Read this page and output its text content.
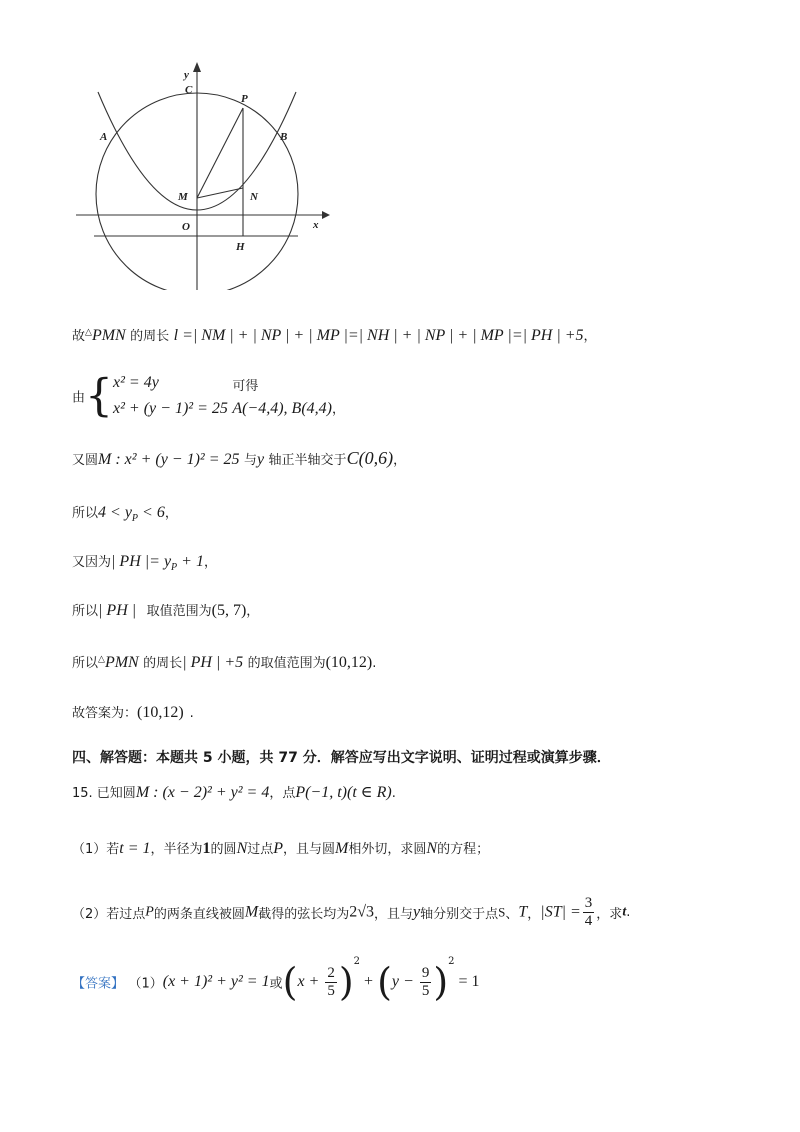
y
x
C
P
A	B
M	N
O
H
故△PMN 的周长 l =| NM | + | NP | + | MP |=| NH | + | NP | + | MP |=| PH | +5，
由{ x² = 4y
x² + (y − 1)² = 25

可得
A(−4,4), B(4,4)，
又圆M : x² + (y − 1)² = 25 与y 轴正半轴交于C(0,6)，
所以$4 < y_P < 6$，
又因为| PH |= $y_P + 1$，
所以| PH | 取值范围为(5, 7)，
所以△PMN 的周长| PH | +5 的取值范围为(10,12).
故答案为：(10,12) .
四、解答题：本题共 5 小题，共 77 分．解答应写出文字说明、证明过程或演算步骤．
15. 已知圆M : (x − 2)² + y² = 4，点P(−1, t)(t ∈ R).
（1）若t = 1，半径为1的圆N过点P，且与圆M相外切，求圆N的方程；
（2）若过点P的两条直线被圆M截得的弦长均为2√3，且与y轴分别交于点S、T，$|ST| = \frac{3}{4}$ ，求t.
【答案】 （1）(x + 1)² + y² = 1或$(x + \frac{2}{5} )^2 + (y - \frac{9}{5} )^2 = 1$
